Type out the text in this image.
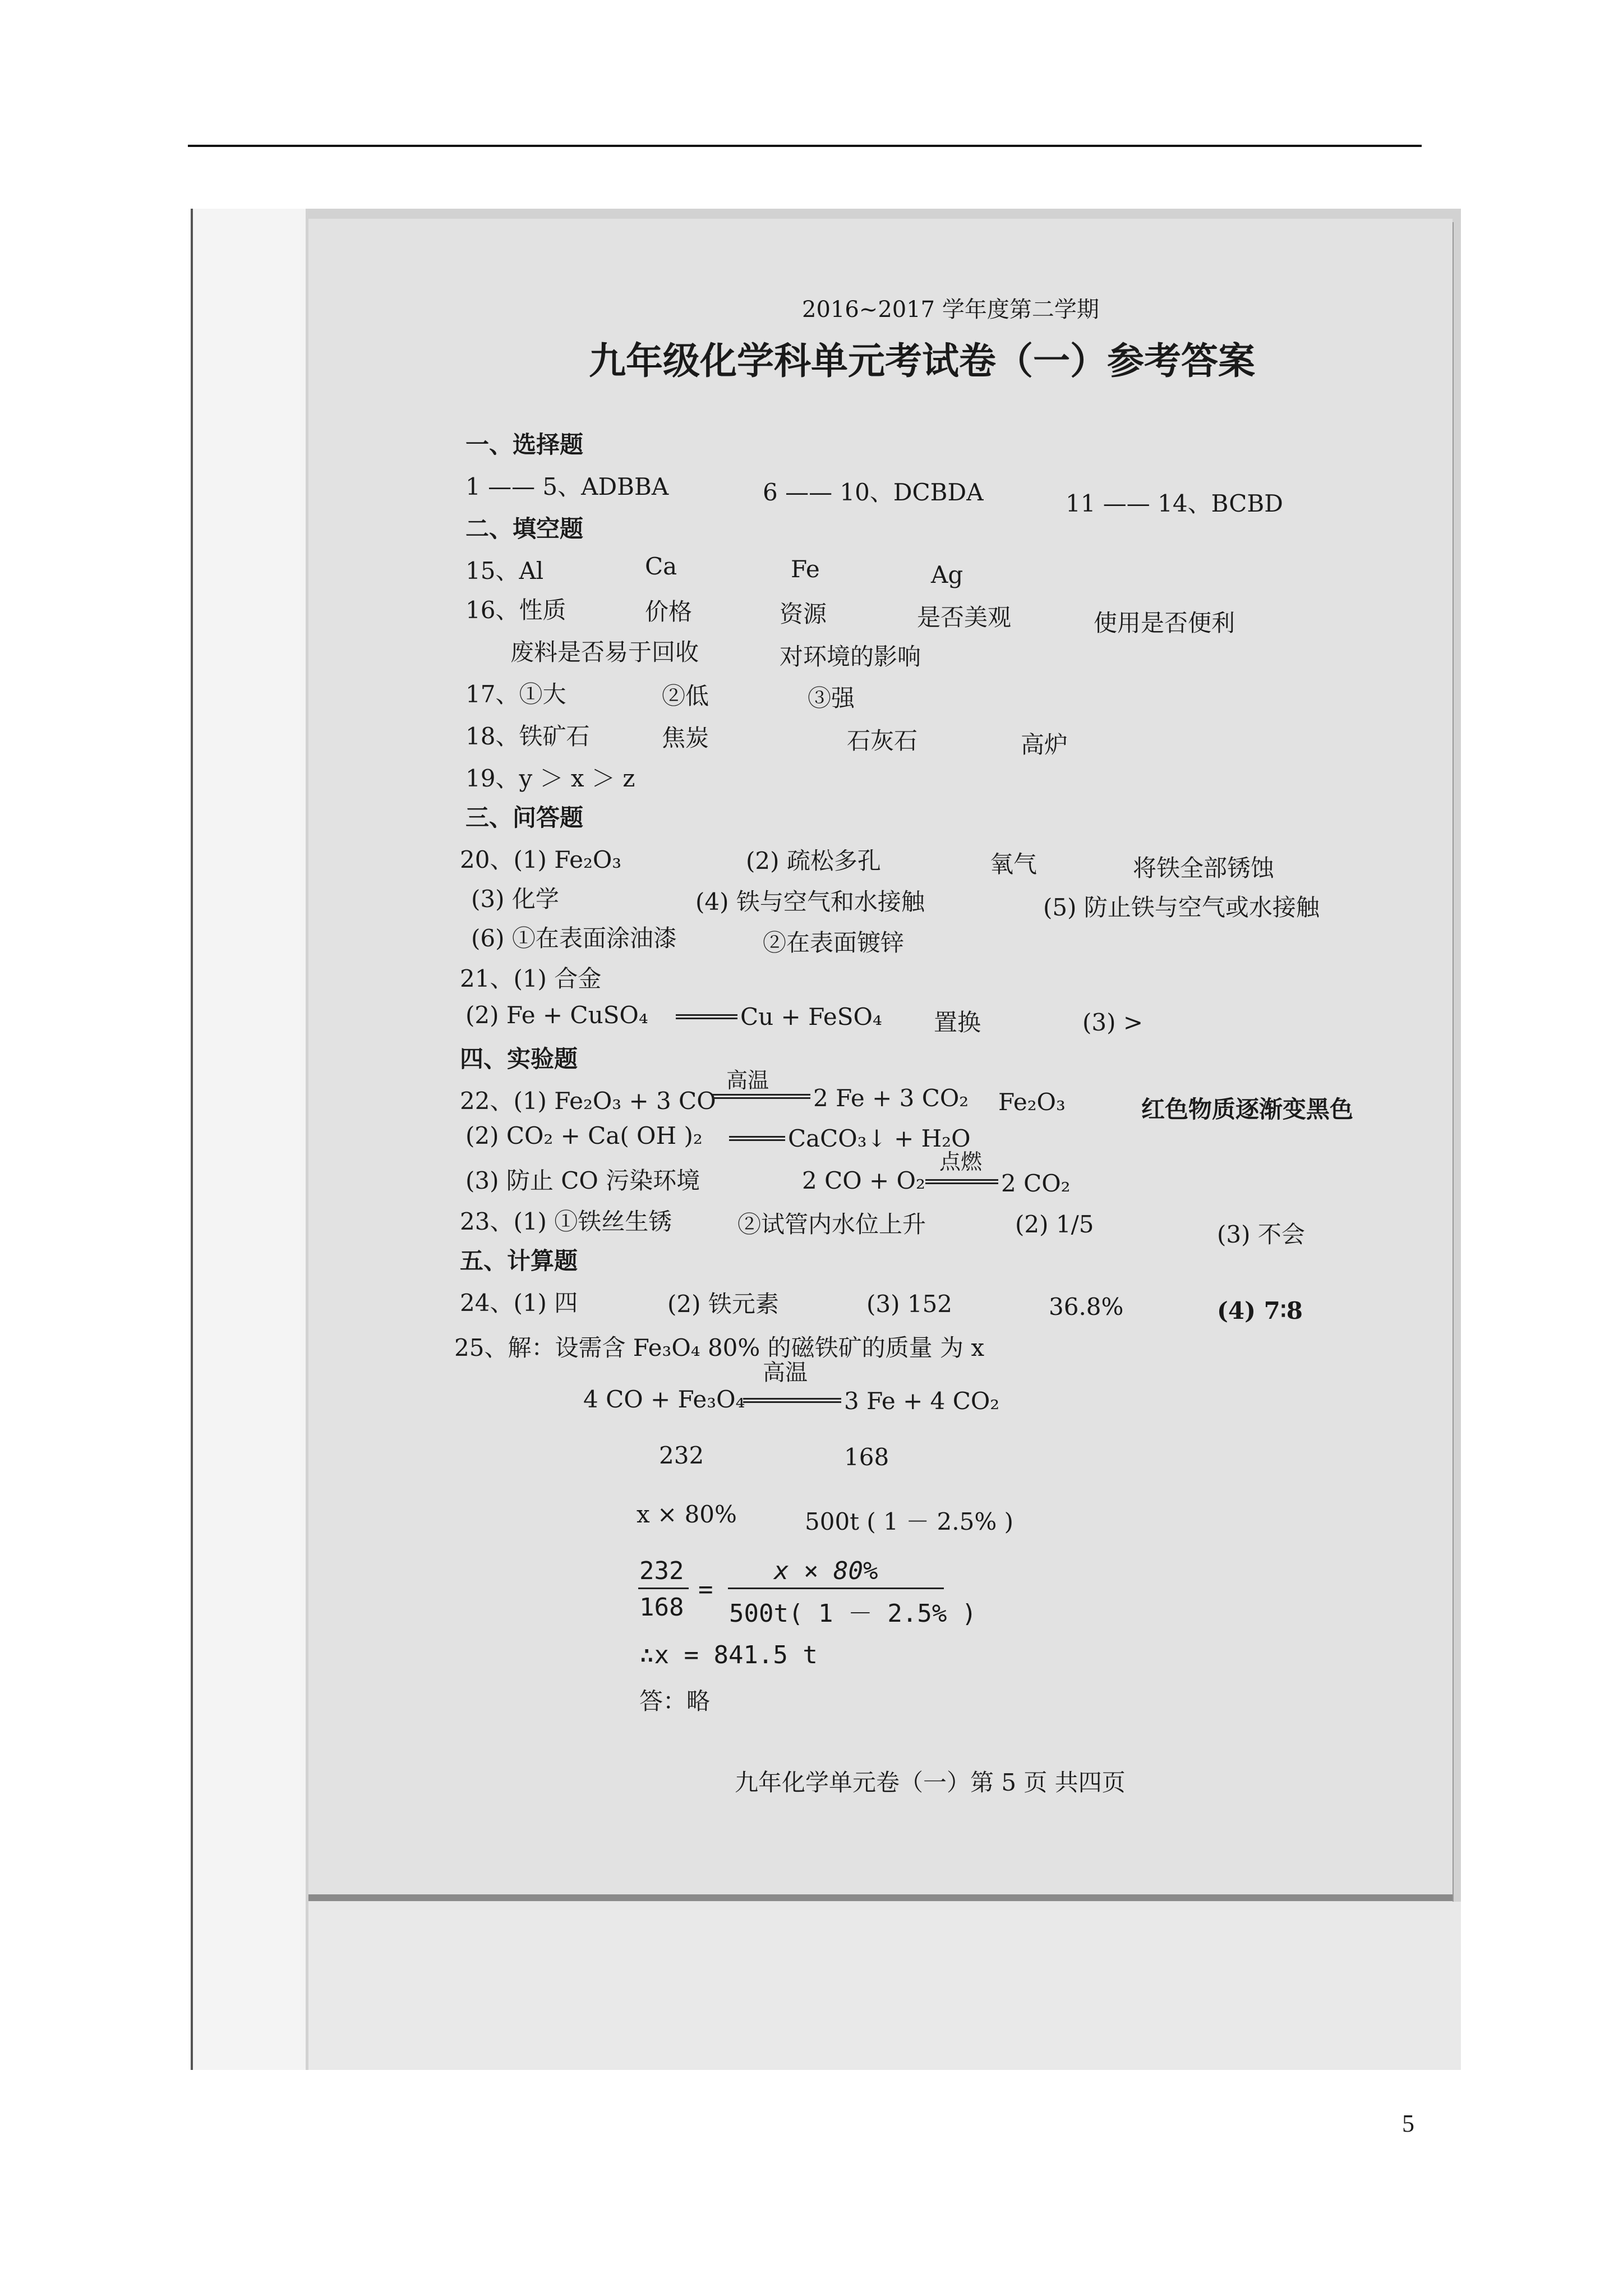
2016~2017 学年度第二学期
九年级化学科单元考试卷（一）参考答案
一、选择题
1 —— 5、ADBBA	6 —— 10、DCBDA	11 —— 14、BCBD
二、填空题
15、Al	Ca	Fe	Ag
16、性质	价格	资源	是否美观	使用是否便利
废料是否易于回收	对环境的影响
17、①大	②低	③强
18、铁矿石	焦炭	石灰石	高炉
19、y ＞ x ＞ z
三、问答题
20、(1) Fe₂O₃	(2) 疏松多孔	氧气	将铁全部锈蚀
(3) 化学	(4) 铁与空气和水接触	(5) 防止铁与空气或水接触
(6) ①在表面涂油漆	②在表面镀锌
21、(1) 合金
(2) Fe + CuSO₄	Cu + FeSO₄ 置换	(3) >
四、实验题
22、(1) Fe₂O₃ + 3 CO
高温
2 Fe + 3 CO₂ Fe₂O₃	红色物质逐渐变黑色
(2) CO₂ + Ca( OH )₂	CaCO₃↓ + H₂O
(3) 防止 CO 污染环境	2 CO + O₂
点燃
2 CO₂
23、(1) ①铁丝生锈	②试管内水位上升	(2) 1/5	(3) 不会
五、计算题
24、(1) 四	(2) 铁元素	(3) 152	36.8%	(4) 7∶8
25、解：设需含 Fe₃O₄ 80% 的磁铁矿的质量 为 x
4 CO + Fe₃O₄
高温
3 Fe + 4 CO₂
232	168
x × 80%	500t ( 1 － 2.5% )
232
168
=
x × 80%
500t( 1 － 2.5% )
∴x = 841.5 t
答：略
九年化学单元卷（一）第 5 页 共四页
5
